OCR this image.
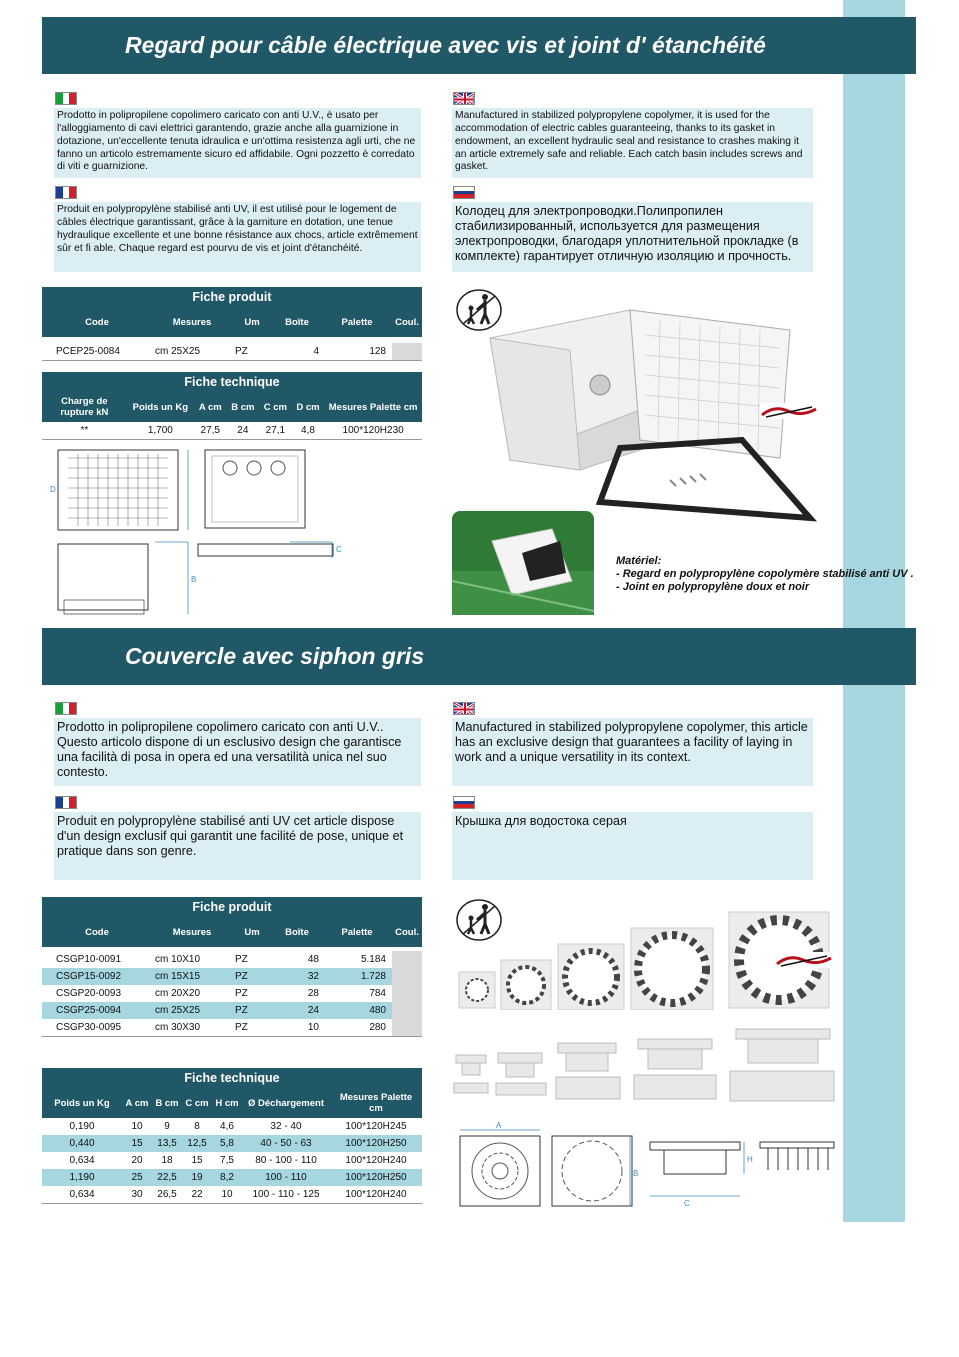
Regard pour câble électrique avec vis et joint d' étanchéité
Prodotto in polipropilene copolimero caricato con anti U.V., è usato per l'alloggiamento di cavi elettrici garantendo, grazie anche alla guarnizione in dotazione, un'eccellente tenuta idraulica e un'ottima resistenza agli urti, che ne fanno un articolo estremamente sicuro ed affidabile. Ogni pozzetto è corredato di viti e guarnizione.
Manufactured in stabilized polypropylene copolymer, it is used for the accommodation of electric cables guaranteeing, thanks to its gasket in endowment, an excellent hydraulic seal and resistance to crashes making it an article extremely safe and reliable. Each catch basin includes screws and gasket.
Produit en polypropylène stabilisé anti UV, il est utilisé pour le logement de câbles électrique garantissant, grâce à la garniture en dotation, une tenue hydraulique excellente et une bonne résistance aux chocs, article extrêmement sûr et fi able. Chaque regard est pourvu de vis et joint d'étanchéité.
Колодец для электропроводки.Полипропилен стабилизированный, используется для размещения электропроводки, благодаря уплотнительной прокладке (в комплекте) гарантирует отличную изоляцию и прочность.
Fiche produit					
Code	Mesures	Um	Boîte	Palette	Coul.

PCEP25-0084	cm 25X25	PZ	4	128	
Fiche technique						
Charge de rupture kN	Poids un Kg	A cm	B cm	C cm	D cm	Mesures Palette cm
**	1,700	27,5	24	27,1	4,8	100*120H230
B
D
C
Matériel:
- Regard en polypropylène copolymère stabilisé anti UV .
- Joint en polypropylène doux et noir
Couvercle avec siphon gris
Prodotto in polipropilene copolimero caricato con anti U.V.. Questo articolo dispone di un esclusivo design che garantisce una facilità di posa in opera ed una versatilità unica nel suo contesto.
Manufactured in stabilized polypropylene copolymer, this article has an exclusive design that guarantees a facility of laying in work and a unique versatility in its context.
Produit en polypropylène stabilisé anti UV cet article dispose d'un design exclusif qui garantit une facilité de pose, unique et pratique dans son genre.
Крышка для водостока серая
Fiche produit					
Code	Mesures	Um	Boîte	Palette	Coul.

CSGP10-0091	cm 10X10	PZ	48	5.184	
CSGP15-0092	cm 15X15	PZ	32	1.728	
CSGP20-0093	cm 20X20	PZ	28	784	
CSGP25-0094	cm 25X25	PZ	24	480	
CSGP30-0095	cm 30X30	PZ	10	280	
Fiche technique						
Poids un Kg	A cm	B cm	C cm	H cm	Ø Déchargement	Mesures Palette cm
0,190	10	9	8	4,6	32 - 40	100*120H245
0,440	15	13,5	12,5	5,8	40 - 50 - 63	100*120H250
0,634	20	18	15	7,5	80 - 100 - 110	100*120H240
1,190	25	22,5	19	8,2	100 - 110	100*120H250
0,634	30	26,5	22	10	100 - 110 - 125	100*120H240
A
B
C
H
